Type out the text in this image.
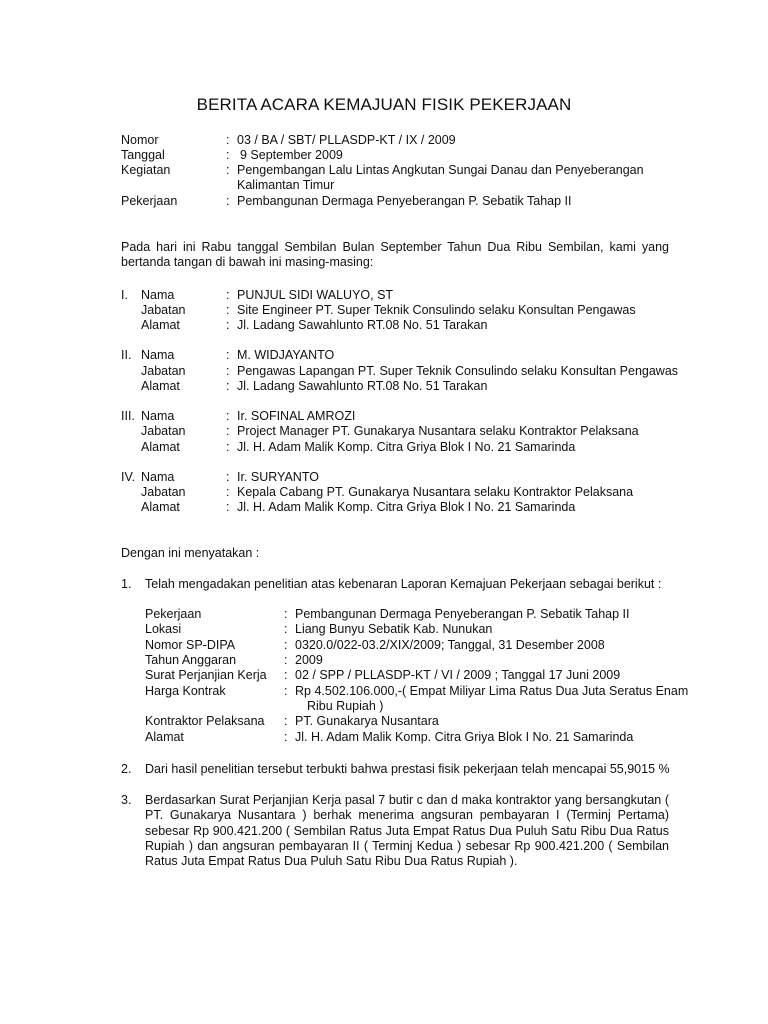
BERITA ACARA KEMAJUAN FISIK PEKERJAAN
Nomor	: 03 / BA / SBT/ PLLASDP-KT / IX / 2009
Tanggal	: 9 September 2009
Kegiatan	: Pengembangan Lalu Lintas Angkutan Sungai Danau dan Penyeberangan
Kalimantan Timur
Pekerjaan	: Pembangunan Dermaga Penyeberangan P. Sebatik Tahap II
Pada hari ini Rabu tanggal Sembilan Bulan September Tahun Dua Ribu Sembilan, kami yang bertanda tangan di bawah ini masing-masing:
I. Nama	: PUNJUL SIDI WALUYO, ST
Jabatan	: Site Engineer PT. Super Teknik Consulindo selaku Konsultan Pengawas
Alamat	: Jl. Ladang Sawahlunto RT.08 No. 51 Tarakan
II. Nama	: M. WIDJAYANTO
Jabatan	: Pengawas Lapangan PT. Super Teknik Consulindo selaku Konsultan Pengawas
Alamat	: Jl. Ladang Sawahlunto RT.08 No. 51 Tarakan
III. Nama	: Ir. SOFINAL AMROZI
Jabatan	: Project Manager PT. Gunakarya Nusantara selaku Kontraktor Pelaksana
Alamat	: Jl. H. Adam Malik Komp. Citra Griya Blok I No. 21 Samarinda
IV. Nama	: Ir. SURYANTO
Jabatan	: Kepala Cabang PT. Gunakarya Nusantara selaku Kontraktor Pelaksana
Alamat	: Jl. H. Adam Malik Komp. Citra Griya Blok I No. 21 Samarinda
Dengan ini menyatakan :
1. Telah mengadakan penelitian atas kebenaran Laporan Kemajuan Pekerjaan sebagai berikut :
Pekerjaan	: Pembangunan Dermaga Penyeberangan P. Sebatik Tahap II
Lokasi	: Liang Bunyu Sebatik Kab. Nunukan
Nomor SP-DIPA	: 0320.0/022-03.2/XIX/2009; Tanggal, 31 Desember 2008
Tahun Anggaran	: 2009
Surat Perjanjian Kerja : 02 / SPP / PLLASDP-KT / VI / 2009 ; Tanggal 17 Juni 2009
Harga Kontrak	: Rp 4.502.106.000,-( Empat Miliyar Lima Ratus Dua Juta Seratus Enam
Ribu Rupiah )
Kontraktor Pelaksana : PT. Gunakarya Nusantara
Alamat	: Jl. H. Adam Malik Komp. Citra Griya Blok I No. 21 Samarinda
2. Dari hasil penelitian tersebut terbukti bahwa prestasi fisik pekerjaan telah mencapai 55,9015 %
3. Berdasarkan Surat Perjanjian Kerja pasal 7 butir c dan d maka kontraktor yang bersangkutan ( PT. Gunakarya Nusantara ) berhak menerima angsuran pembayaran I (Terminj Pertama) sebesar Rp 900.421.200 ( Sembilan Ratus Juta Empat Ratus Dua Puluh Satu Ribu Dua Ratus Rupiah ) dan angsuran pembayaran II ( Terminj Kedua ) sebesar Rp 900.421.200 ( Sembilan Ratus Juta Empat Ratus Dua Puluh Satu Ribu Dua Ratus Rupiah ).
